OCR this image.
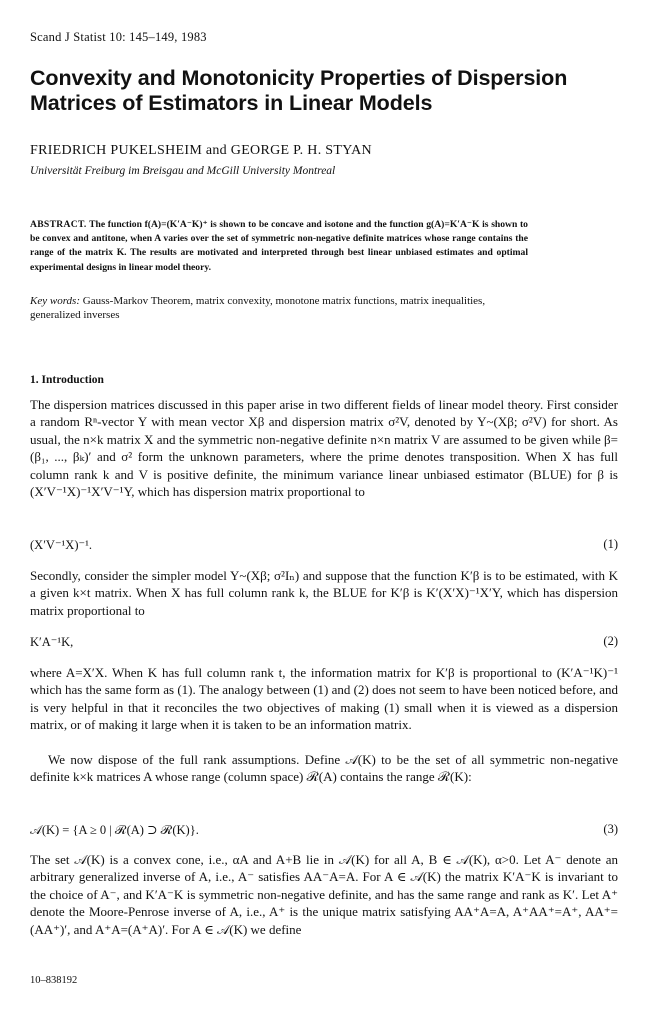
Scand J Statist 10: 145–149, 1983
Convexity and Monotonicity Properties of Dispersion Matrices of Estimators in Linear Models
FRIEDRICH PUKELSHEIM and GEORGE P. H. STYAN
Universität Freiburg im Breisgau and McGill University Montreal
ABSTRACT. The function f(A)=(K′A⁻K)⁺ is shown to be concave and isotone and the function g(A)=K′A⁻K is shown to be convex and antitone, when A varies over the set of symmetric non-negative definite matrices whose range contains the range of the matrix K. The results are motivated and interpreted through best linear unbiased estimates and optimal experimental designs in linear model theory.
Key words: Gauss-Markov Theorem, matrix convexity, monotone matrix functions, matrix inequalities, generalized inverses
1. Introduction
The dispersion matrices discussed in this paper arise in two different fields of linear model theory. First consider a random Rⁿ-vector Y with mean vector Xβ and dispersion matrix σ²V, denoted by Y~(Xβ; σ²V) for short. As usual, the n×k matrix X and the symmetric non-negative definite n×n matrix V are assumed to be given while β=(β₁, ..., βₖ)′ and σ² form the unknown parameters, where the prime denotes transposition. When X has full column rank k and V is positive definite, the minimum variance linear unbiased estimator (BLUE) for β is (X′V⁻¹X)⁻¹X′V⁻¹Y, which has dispersion matrix proportional to
(X′V⁻¹X)⁻¹.	(1)
Secondly, consider the simpler model Y~(Xβ; σ²Iₙ) and suppose that the function K′β is to be estimated, with K a given k×t matrix. When X has full column rank k, the BLUE for K′β is K′(X′X)⁻¹X′Y, which has dispersion matrix proportional to
K′A⁻¹K,	(2)
where A=X′X. When K has full column rank t, the information matrix for K′β is proportional to (K′A⁻¹K)⁻¹ which has the same form as (1). The analogy between (1) and (2) does not seem to have been noticed before, and is very helpful in that it reconciles the two objectives of making (1) small when it is viewed as a dispersion matrix, or of making it large when it is taken to be an information matrix.
We now dispose of the full rank assumptions. Define 𝒜(K) to be the set of all symmetric non-negative definite k×k matrices A whose range (column space) ℛ(A) contains the range ℛ(K):
𝒜(K) = {A ≥ 0 | ℛ(A) ⊃ ℛ(K)}.	(3)
The set 𝒜(K) is a convex cone, i.e., αA and A+B lie in 𝒜(K) for all A, B ∈ 𝒜(K), α>0. Let A⁻ denote an arbitrary generalized inverse of A, i.e., A⁻ satisfies AA⁻A=A. For A ∈ 𝒜(K) the matrix K′A⁻K is invariant to the choice of A⁻, and K′A⁻K is symmetric non-negative definite, and has the same range and rank as K′. Let A⁺ denote the Moore-Penrose inverse of A, i.e., A⁺ is the unique matrix satisfying AA⁺A=A, A⁺AA⁺=A⁺, AA⁺=(AA⁺)′, and A⁺A=(A⁺A)′. For A ∈ 𝒜(K) we define
10–838192
